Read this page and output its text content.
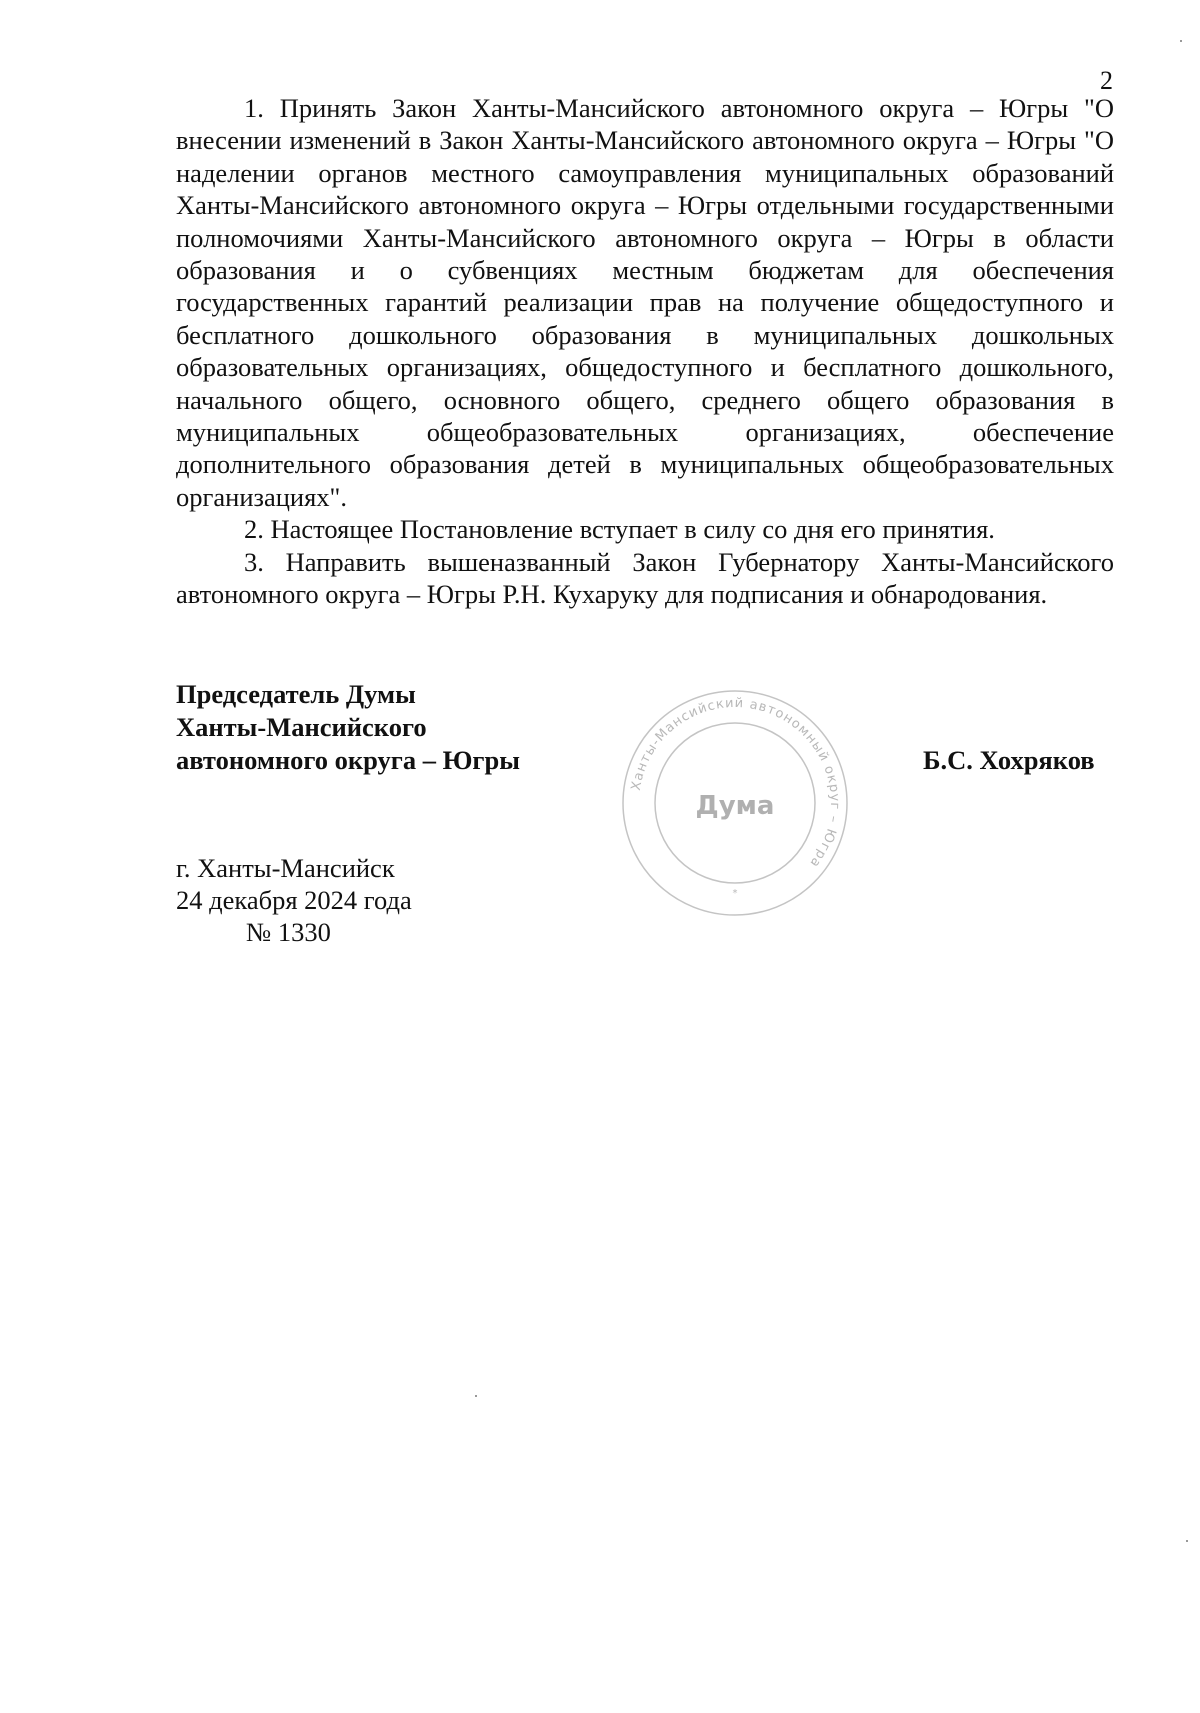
2

1. Принять Закон Ханты-Мансийского автономного округа – Югры "О внесении изменений в Закон Ханты-Мансийского автономного округа – Югры "О наделении органов местного самоуправления муниципальных образований Ханты-Мансийского автономного округа – Югры отдельными государственными полномочиями Ханты-Мансийского автономного округа – Югры в области образования и о субвенциях местным бюджетам для обеспечения государственных гарантий реализации прав на получение общедоступного и бесплатного дошкольного образования в муниципальных дошкольных образовательных организациях, общедоступного и бесплатного дошкольного, начального общего, основного общего, среднего общего образования в муниципальных общеобразовательных организациях, обеспечение дополнительного образования детей в муниципальных общеобразовательных организациях".

2. Настоящее Постановление вступает в силу со дня его принятия.

3. Направить вышеназванный Закон Губернатору Ханты-Мансийского автономного округа – Югры Р.Н. Кухаруку для подписания и обнародования.

Председатель Думы
Ханты-Мансийского
автономного округа – Югры	Б.С. Хохряков
Ханты-Мансийский автономный округ – Югра
Дума
*
г. Ханты-Мансийск
24 декабря 2024 года
№ 1330
